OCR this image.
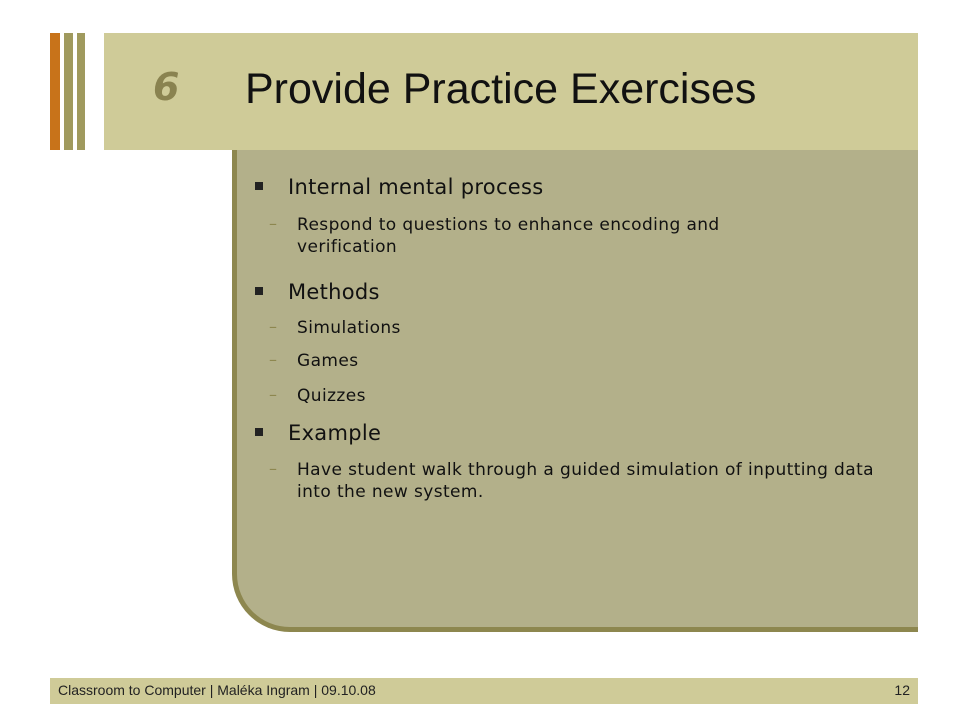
6	Provide Practice Exercises
Internal mental process
– Respond to questions to enhance encoding and verification
Methods
– Simulations
– Games
– Quizzes
Example
– Have student walk through a guided simulation of inputting data into the new system.
Classroom to Computer | Maléka Ingram | 09.10.08	12
